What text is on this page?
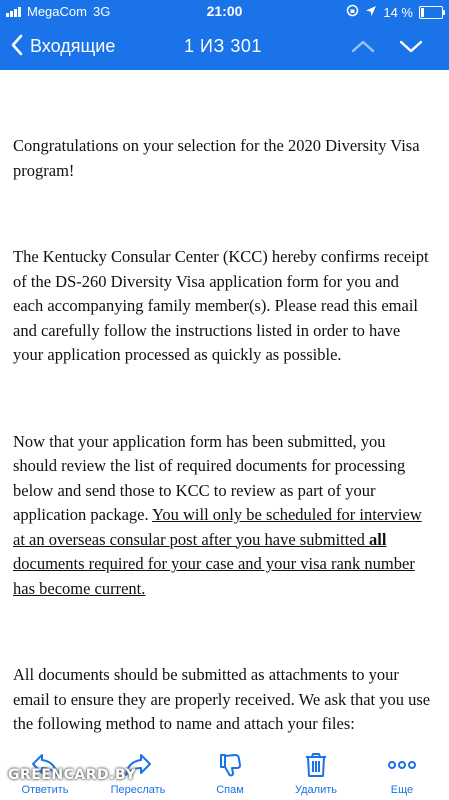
MegaCom 3G	21:00	14 %
Входящие	1 ИЗ 301

Congratulations on your selection for the 2020 Diversity Visa program!

The Kentucky Consular Center (KCC) hereby confirms receipt of the DS-260 Diversity Visa application form for you and each accompanying family member(s). Please read this email and carefully follow the instructions listed in order to have your application processed as quickly as possible.

Now that your application form has been submitted, you should review the list of required documents for processing below and send those to KCC to review as part of your application package. You will only be scheduled for interview at an overseas consular post after you have submitted all documents required for your case and your visa rank number has become current.

All documents should be submitted as attachments to your email to ensure they are properly received. We ask that you use the following method to name and attach your files:

Ответить	Переслать	Спам	Удалить	Еще
GREENCARD.BY
